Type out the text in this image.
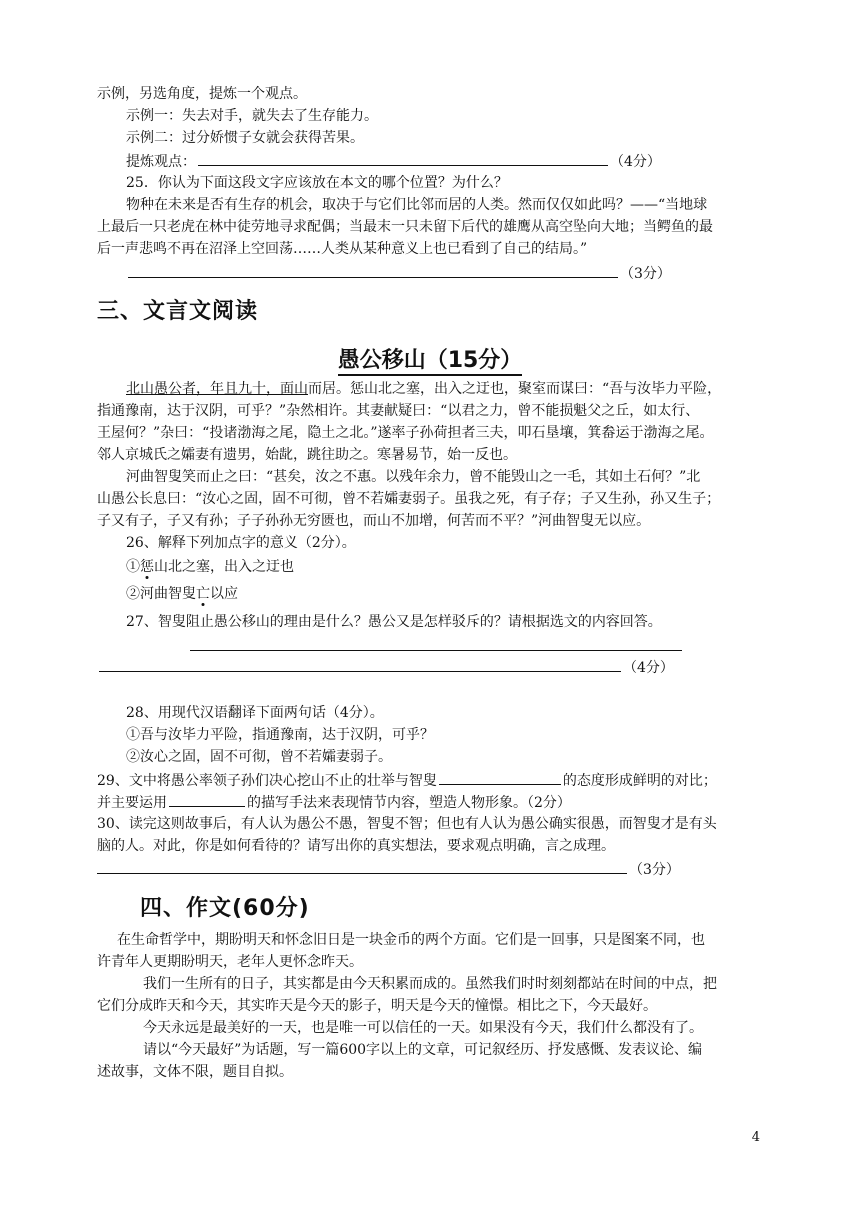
示例，另选角度，提炼一个观点。
示例一：失去对手，就失去了生存能力。
示例二：过分娇惯子女就会获得苦果。
提炼观点：	（4分）
25．你认为下面这段文字应该放在本文的哪个位置？为什么？
物种在未来是否有生存的机会，取决于与它们比邻而居的人类。然而仅仅如此吗？——“当地球
上最后一只老虎在林中徒劳地寻求配偶；当最末一只未留下后代的雄鹰从高空坠向大地；当鳄鱼的最
后一声悲鸣不再在沼泽上空回荡……人类从某种意义上也已看到了自己的结局。”
（3分）
三、文言文阅读
愚公移山（15分）
北山愚公者，年且九十，面山而居。惩山北之塞，出入之迂也，聚室而谋曰：“吾与汝毕力平险，
指通豫南，达于汉阴，可乎？”杂然相许。其妻献疑曰：“以君之力，曾不能损魁父之丘，如太行、
王屋何？”杂曰：“投诸渤海之尾，隐土之北。”遂率子孙荷担者三夫，叩石垦壤，箕畚运于渤海之尾。
邻人京城氏之孀妻有遗男，始龀，跳往助之。寒暑易节，始一反也。
河曲智叟笑而止之曰：“甚矣，汝之不惠。以残年余力，曾不能毁山之一毛，其如土石何？”北
山愚公长息曰：“汝心之固，固不可彻，曾不若孀妻弱子。虽我之死，有子存；子又生孙，孙又生子；
子又有子，子又有孙；子子孙孙无穷匮也，而山不加增，何苦而不平？”河曲智叟无以应。
26、解释下列加点字的意义（2分）。
①惩山北之塞，出入之迂也
②河曲智叟亡以应
27、智叟阻止愚公移山的理由是什么？愚公又是怎样驳斥的？请根据选文的内容回答。
（4分）
28、用现代汉语翻译下面两句话（4分）。
①吾与汝毕力平险，指通豫南，达于汉阴，可乎？
②汝心之固，固不可彻，曾不若孀妻弱子。
29、文中将愚公率领子孙们决心挖山不止的壮举与智叟	的态度形成鲜明的对比；
并主要运用	的描写手法来表现情节内容，塑造人物形象。（2分）
30、读完这则故事后，有人认为愚公不愚，智叟不智；但也有人认为愚公确实很愚，而智叟才是有头
脑的人。对此，你是如何看待的？请写出你的真实想法，要求观点明确，言之成理。
（3分）
四、作文(60分)
在生命哲学中，期盼明天和怀念旧日是一块金币的两个方面。它们是一回事，只是图案不同，也
许青年人更期盼明天，老年人更怀念昨天。
我们一生所有的日子，其实都是由今天积累而成的。虽然我们时时刻刻都站在时间的中点，把
它们分成昨天和今天，其实昨天是今天的影子，明天是今天的憧憬。相比之下，今天最好。
今天永远是最美好的一天，也是唯一可以信任的一天。如果没有今天，我们什么都没有了。
请以“今天最好”为话题，写一篇600字以上的文章，可记叙经历、抒发感慨、发表议论、编
述故事，文体不限，题目自拟。
4
